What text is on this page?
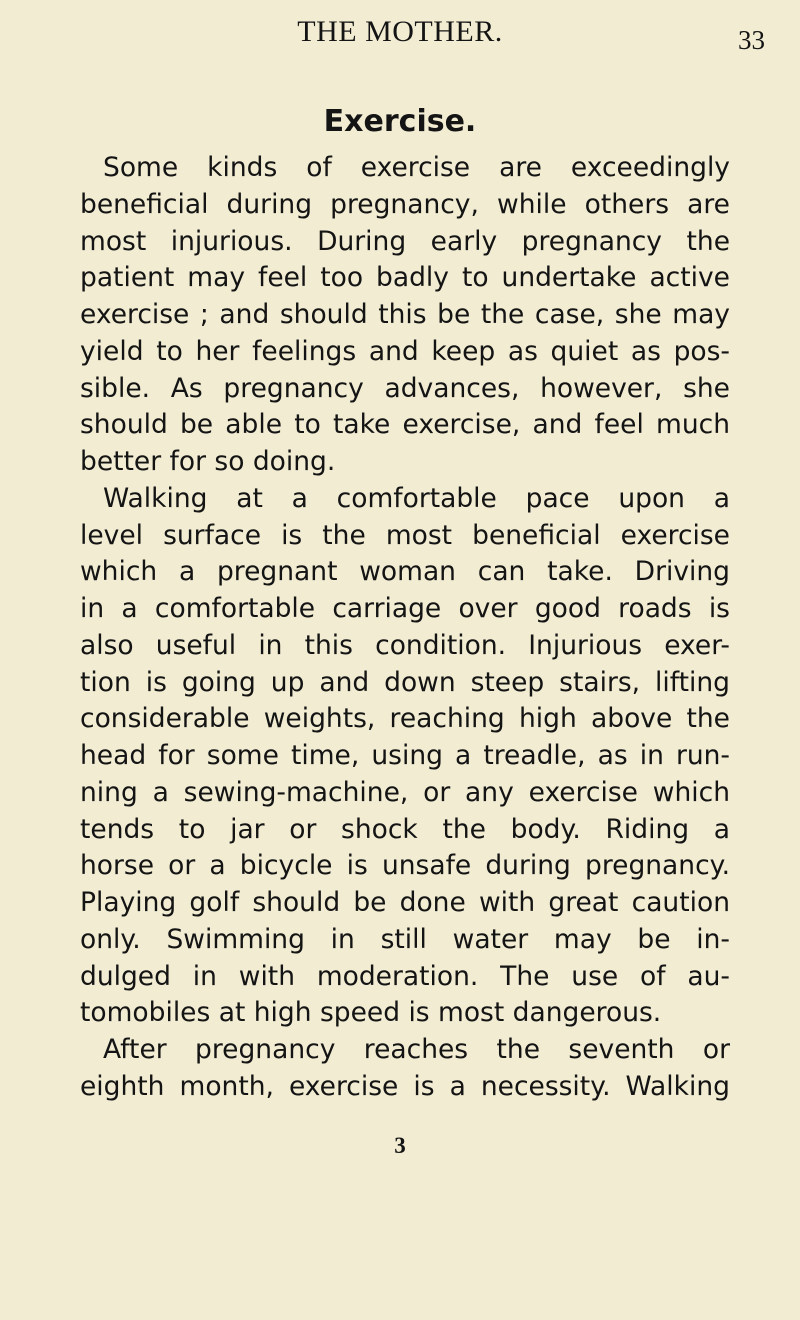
THE MOTHER.	33
Exercise.
Some kinds of exercise are exceedingly
beneficial during pregnancy, while others are
most injurious. During early pregnancy the
patient may feel too badly to undertake active
exercise ; and should this be the case, she may
yield to her feelings and keep as quiet as pos-
sible. As pregnancy advances, however, she
should be able to take exercise, and feel much
better for so doing.
Walking at a comfortable pace upon a
level surface is the most beneficial exercise
which a pregnant woman can take. Driving
in a comfortable carriage over good roads is
also useful in this condition. Injurious exer-
tion is going up and down steep stairs, lifting
considerable weights, reaching high above the
head for some time, using a treadle, as in run-
ning a sewing-machine, or any exercise which
tends to jar or shock the body. Riding a
horse or a bicycle is unsafe during pregnancy.
Playing golf should be done with great caution
only. Swimming in still water may be in-
dulged in with moderation. The use of au-
tomobiles at high speed is most dangerous.
After pregnancy reaches the seventh or
eighth month, exercise is a necessity. Walking
3
